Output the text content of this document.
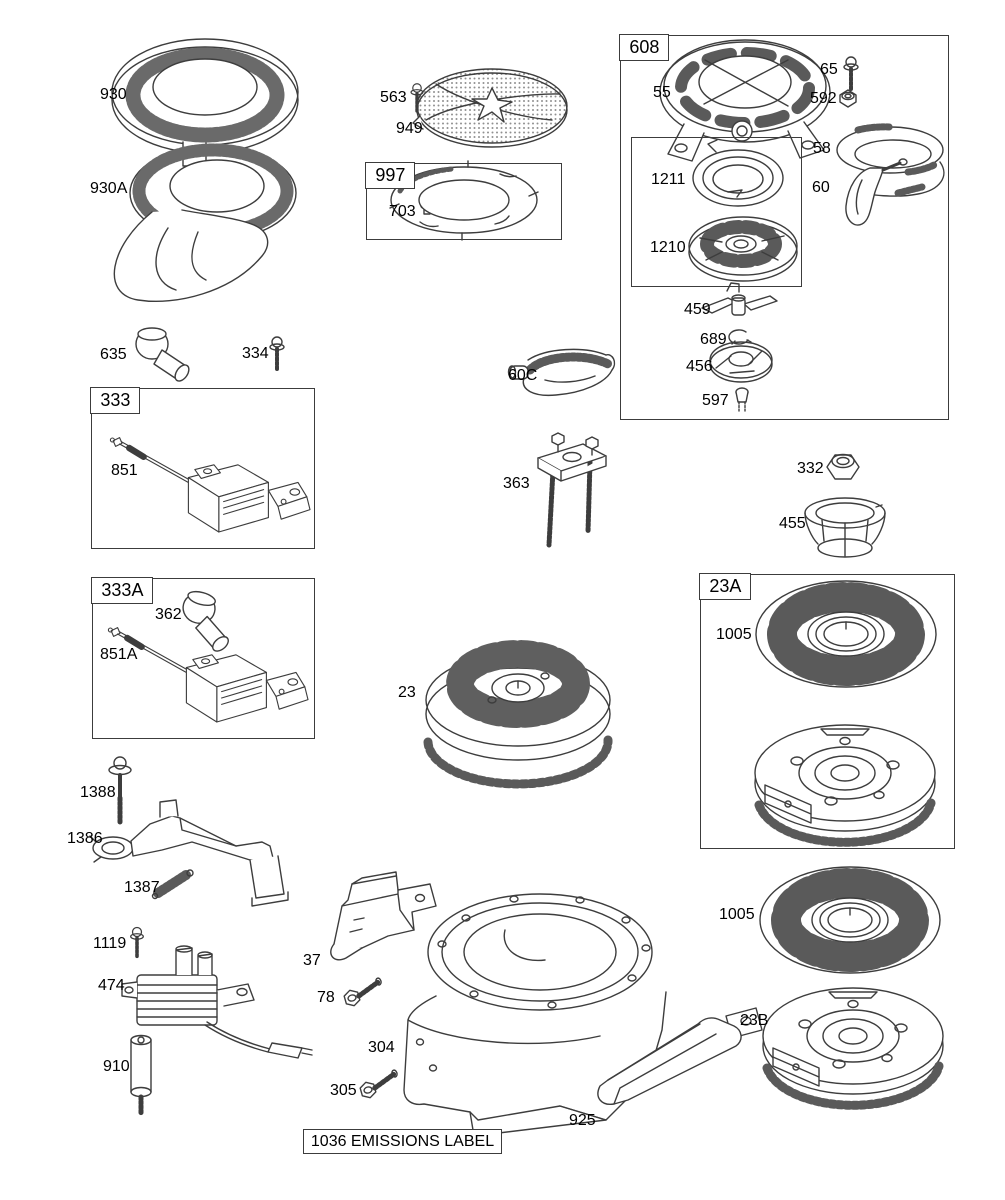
608
997
333
333A	23A
1036 EMISSIONS LABEL
930
930A
563
949
703
55
65
592
58
60
1211
1210
459
689
456
597
635	334
851
60C
363
332
455
362
851A
23
1005
1388
1386
1387
1119
474
910
37
78
304
305
925
1005
23B
